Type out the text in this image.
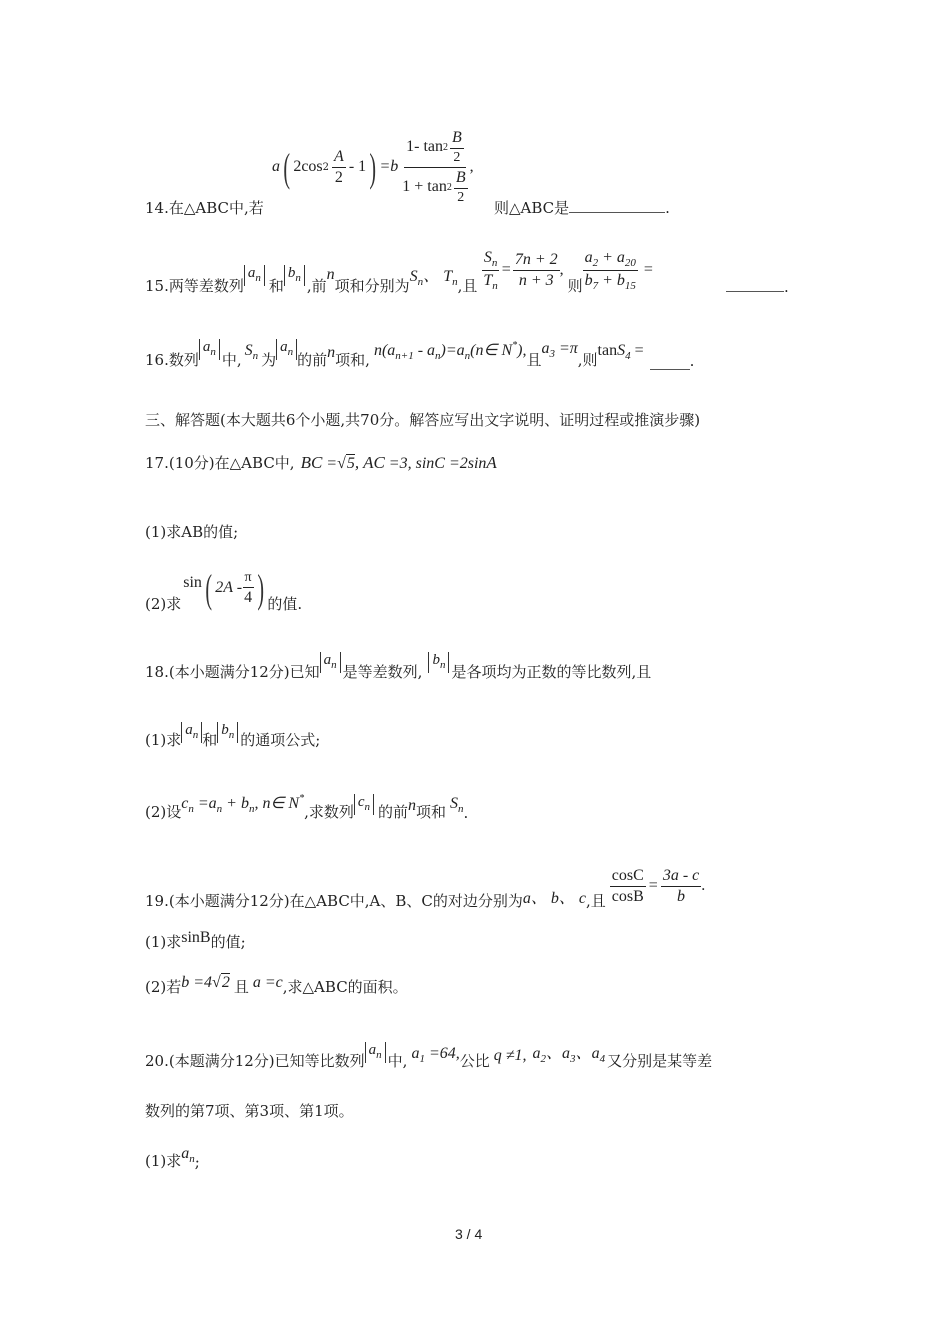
a ( 2cos $2 \frac{A}{2} - 1$ ) $=b \frac{1- \tan 2 \frac{B}{2}}{1 + \tan 2 \frac{B}{2}}$ ,
14.在△ABC中,若	则△ABC是	.
15.两等差数列
$a_n$ 和
$b_n$ ,前
n
项和分别为
$S_n$、 $T_n$ ,且 $\frac{S_n}{T_n} = \frac{7n + 2}{n + 3}$ ,
则 $\frac{a_2 + a_{20}}{b_7 + b_{15}}$ =
.
16.数列
$a_n$ 中,
$S_n$ 为
$a_n$ 的前 n 项和,
$n(a_{n+1}$ - $a_n)=a_n(n\in$ N*),
且
$a_3 =\pi$
,则
tanS$_4$ =
.
三、解答题(本大题共6个小题,共70分。解答应写出文字说明、证明过程或推演步骤)
17.(10分)在△ABC中, BC =√5, AC =3, sinC =2sinA
(1)求AB的值;
(2)求
sin ( $2A - \frac{\pi}{4}$ ) 的值.
18.(本小题满分12分)已知
$a_n$ 是等差数列,
$b_n$ 是各项均为正数的等比数列,且
(1)求
$a_n$ 和
$b_n$ 的通项公式;
(2)设 $c_n =a_n + b_n$, n∈ N*
,求数列
$c_n$ 的前 n 项和 $S_n$ .
19.(本小题满分12分)在△ABC中,A、B、C的对边分别为 a、 b、 c ,且 $\frac{\cos C}{\cos B} = \frac{3a - c}{b}$ .
(1)求 sinB 的值;
(2)若 b =4√2 且 a =c ,求△ABC的面积。
20.(本题满分12分)已知等比数列
$a_n$ 中, $a_1 =64$, 公比 q ≠1, $a_2$、$a_3$、$a_4$ 又分别是某等差
数列的第7项、第3项、第1项。
(1)求 $a_n$ ;
3 / 4
